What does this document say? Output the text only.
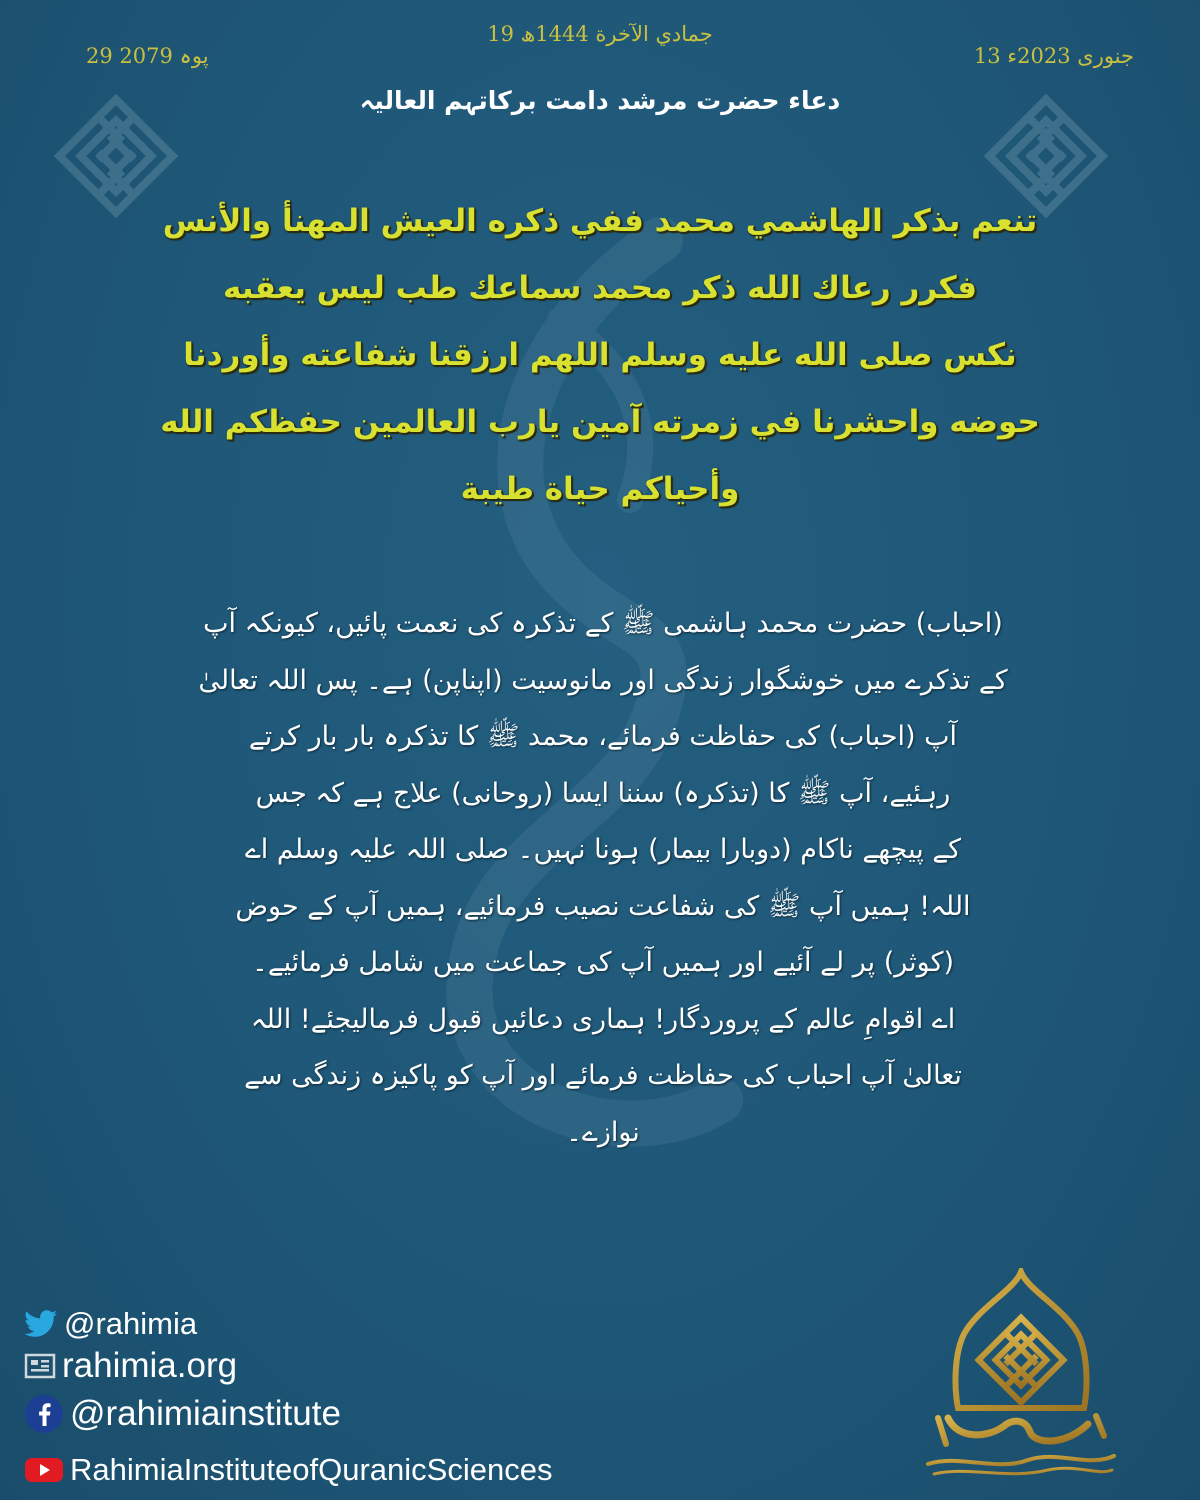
19 جمادي الآخرة 1444ھ
13 جنوری 2023ء
29 پوہ 2079
دعاء حضرت مرشد دامت برکاتہم العالیہ
تنعم بذكر الهاشمي محمد ففي ذكره العيش المهنأ والأنس
فكرر رعاك الله ذكر محمد سماعك طب ليس يعقبه
نكس صلى الله عليه وسلم اللهم ارزقنا شفاعته وأوردنا
حوضه واحشرنا في زمرته آمين يارب العالمين حفظكم الله
وأحياكم حياة طيبة
(احباب) حضرت محمد ہاشمی ﷺ کے تذکرہ کی نعمت پائیں، کیونکہ آپ
کے تذکرے میں خوشگوار زندگی اور مانوسیت (اپناپن) ہے۔ پس اللہ تعالیٰ
آپ (احباب) کی حفاظت فرمائے، محمد ﷺ کا تذکرہ بار بار کرتے
رہئیے، آپ ﷺ کا (تذکرہ) سننا ایسا (روحانی) علاج ہے کہ جس
کے پیچھے ناکام (دوبارا بیمار) ہونا نہیں۔ صلی اللہ علیہ وسلم اے
اللہ! ہمیں آپ ﷺ کی شفاعت نصیب فرمائیے، ہمیں آپ کے حوض
(کوثر) پر لے آئیے اور ہمیں آپ کی جماعت میں شامل فرمائیے۔
اے اقوامِ عالم کے پروردگار! ہماری دعائیں قبول فرمالیجئے! اللہ
تعالیٰ آپ احباب کی حفاظت فرمائے اور آپ کو پاکیزہ زندگی سے
نوازے۔
@rahimia
rahimia.org
@rahimiainstitute
RahimiaInstituteofQuranicSciences
